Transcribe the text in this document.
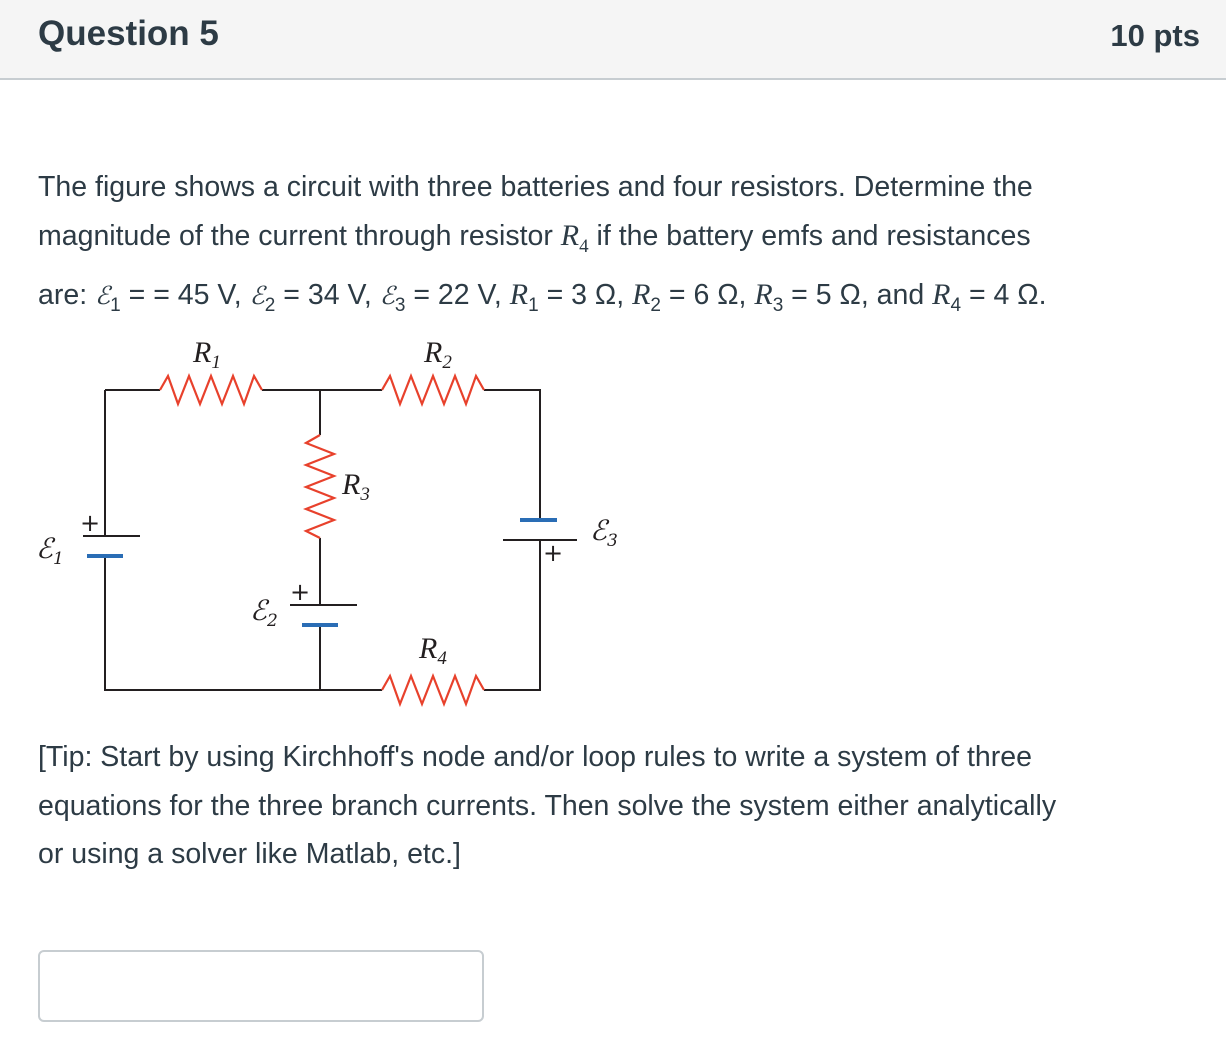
Question 5	10 pts
The figure shows a circuit with three batteries and four resistors. Determine the
magnitude of the current through resistor $R_4$ if the battery emfs and resistances
are: ℰ$_1$ = = 45 V, ℰ$_2$ = 34 V, ℰ$_3$ = 22 V, $R_1 = 3$ Ω, $R_2 = 6$ Ω, $R_3 = 5$ Ω, and $R_4 = 4$ Ω.
$R_1$	$R_2$
$R_3$
$R_4$
ℰ$_1$
ℰ$_2$
ℰ$_3$
+
+
+
[Tip: Start by using Kirchhoff's node and/or loop rules to write a system of three
equations for the three branch currents. Then solve the system either analytically
or using a solver like Matlab, etc.]
